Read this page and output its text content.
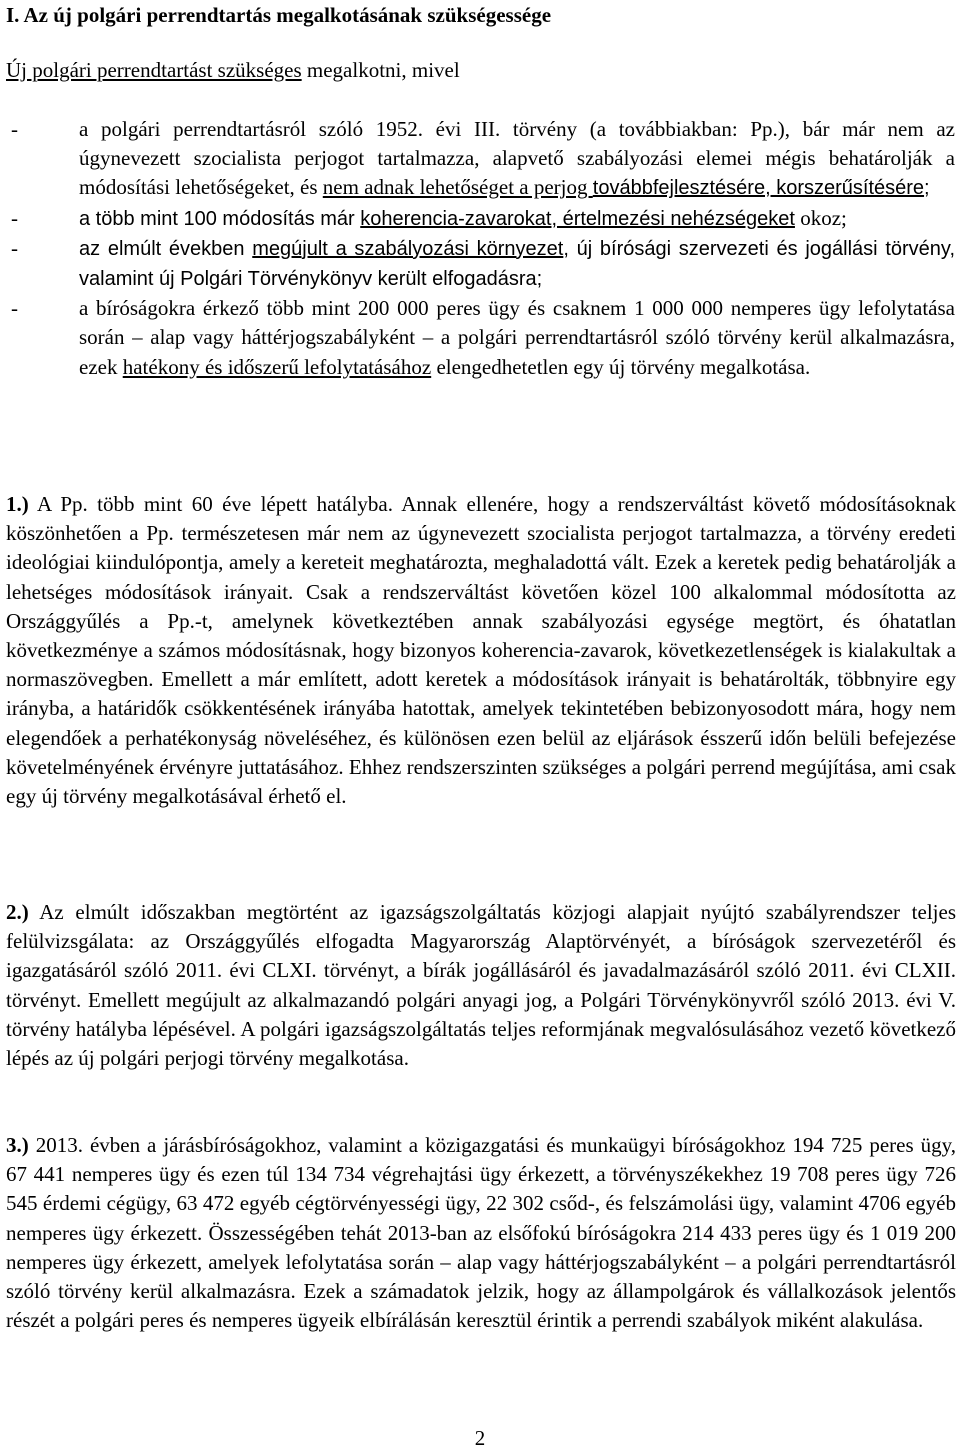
I. Az új polgári perrendtartás megalkotásának szükségessége
Új polgári perrendtartást szükséges megalkotni, mivel
-	a polgári perrendtartásról szóló 1952. évi III. törvény (a továbbiakban: Pp.), bár már nem az úgynevezett szocialista perjogot tartalmazza, alapvető szabályozási elemei mégis behatárolják a módosítási lehetőségeket, és nem adnak lehetőséget a perjog továbbfejlesztésére, korszerűsítésére;
-	a több mint 100 módosítás már koherencia-zavarokat, értelmezési nehézségeket okoz;
-	az elmúlt években megújult a szabályozási környezet, új bírósági szervezeti és jogállási törvény, valamint új Polgári Törvénykönyv került elfogadásra;
-	a bíróságokra érkező több mint 200 000 peres ügy és csaknem 1 000 000 nemperes ügy lefolytatása során – alap vagy háttérjogszabályként – a polgári perrendtartásról szóló törvény kerül alkalmazásra, ezek hatékony és időszerű lefolytatásához elengedhetetlen egy új törvény megalkotása.

1.) A Pp. több mint 60 éve lépett hatályba. Annak ellenére, hogy a rendszerváltást követő módosításoknak köszönhetően a Pp. természetesen már nem az úgynevezett szocialista perjogot tartalmazza, a törvény eredeti ideológiai kiindulópontja, amely a kereteit meghatározta, meghaladottá vált. Ezek a keretek pedig behatárolják a lehetséges módosítások irányait. Csak a rendszerváltást követően közel 100 alkalommal módosította az Országgyűlés a Pp.-t, amelynek következtében annak szabályozási egysége megtört, és óhatatlan következménye a számos módosításnak, hogy bizonyos koherencia-zavarok, következetlenségek is kialakultak a normaszövegben. Emellett a már említett, adott keretek a módosítások irányait is behatárolták, többnyire egy irányba, a határidők csökkentésének irányába hatottak, amelyek tekintetében bebizonyosodott mára, hogy nem elegendőek a perhatékonyság növeléséhez, és különösen ezen belül az eljárások ésszerű időn belüli befejezése követelményének érvényre juttatásához. Ehhez rendszerszinten szükséges a polgári perrend megújítása, ami csak egy új törvény megalkotásával érhető el.

2.) Az elmúlt időszakban megtörtént az igazságszolgáltatás közjogi alapjait nyújtó szabályrendszer teljes felülvizsgálata: az Országgyűlés elfogadta Magyarország Alaptörvényét, a bíróságok szervezetéről és igazgatásáról szóló 2011. évi CLXI. törvényt, a bírák jogállásáról és javadalmazásáról szóló 2011. évi CLXII. törvényt. Emellett megújult az alkalmazandó polgári anyagi jog, a Polgári Törvénykönyvről szóló 2013. évi V. törvény hatályba lépésével. A polgári igazságszolgáltatás teljes reformjának megvalósulásához vezető következő lépés az új polgári perjogi törvény megalkotása.

3.) 2013. évben a járásbíróságokhoz, valamint a közigazgatási és munkaügyi bíróságokhoz 194 725 peres ügy, 67 441 nemperes ügy és ezen túl 134 734 végrehajtási ügy érkezett, a törvényszékekhez 19 708 peres ügy 726 545 érdemi cégügy, 63 472 egyéb cégtörvényességi ügy, 22 302 csőd-, és felszámolási ügy, valamint 4706 egyéb nemperes ügy érkezett. Összességében tehát 2013-ban az elsőfokú bíróságokra 214 433 peres ügy és 1 019 200 nemperes ügy érkezett, amelyek lefolytatása során – alap vagy háttérjogszabályként – a polgári perrendtartásról szóló törvény kerül alkalmazásra. Ezek a számadatok jelzik, hogy az állampolgárok és vállalkozások jelentős részét a polgári peres és nemperes ügyeik elbírálásán keresztül érintik a perrendi szabályok miként alakulása.

2
